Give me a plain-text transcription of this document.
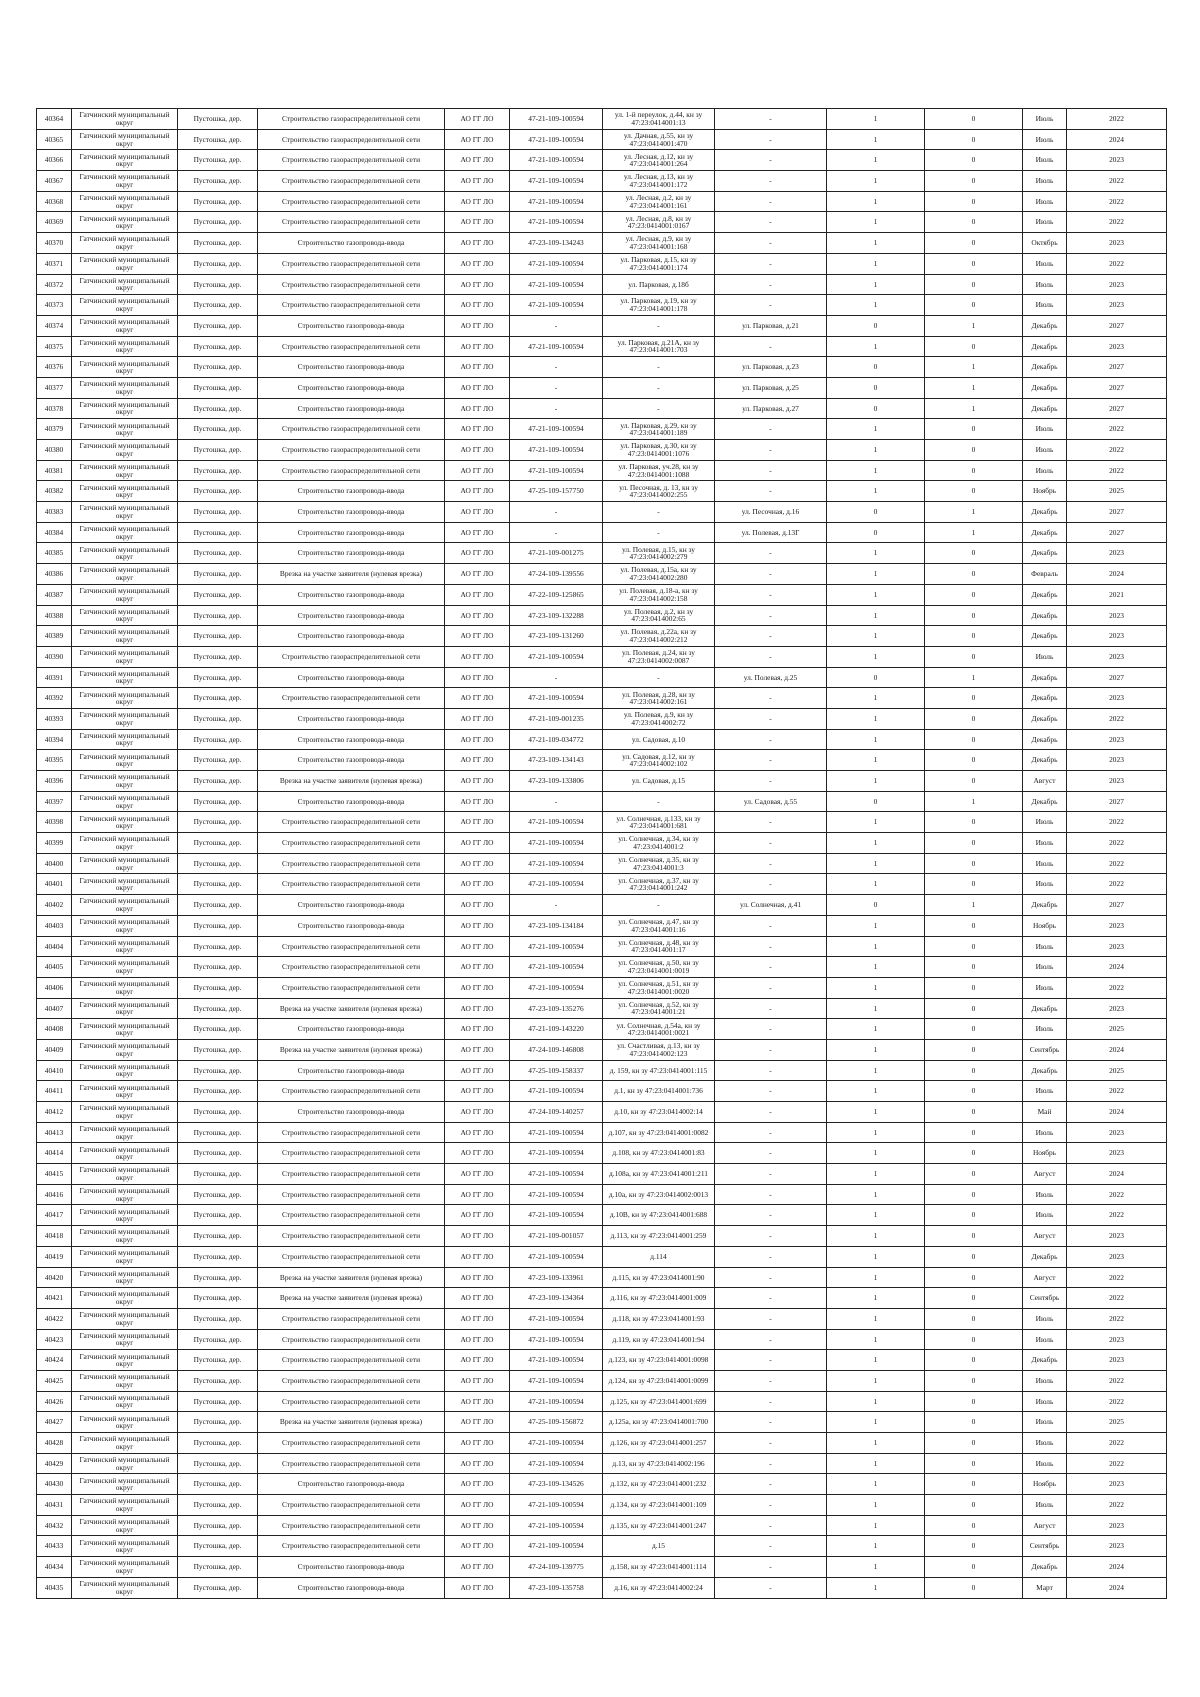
40364	Гатчинский муниципальный округ	Пустошка, дер.	Строительство газораспределительной сети	АО ГГ ЛО	47-21-109-100594	ул. 1-й переулок, д.44, кн зу 47:23:0414001:13	-	1	0	Июль	2022
40365	Гатчинский муниципальный округ	Пустошка, дер.	Строительство газораспределительной сети	АО ГГ ЛО	47-21-109-100594	ул. Дачная, д.55, кн зу 47:23:0414001:470	-	1	0	Июль	2024
40366	Гатчинский муниципальный округ	Пустошка, дер.	Строительство газораспределительной сети	АО ГГ ЛО	47-21-109-100594	ул. Лесная, д.12, кн зу 47:23:0414001:264	-	1	0	Июль	2023
40367	Гатчинский муниципальный округ	Пустошка, дер.	Строительство газораспределительной сети	АО ГГ ЛО	47-21-109-100594	ул. Лесная, д.13, кн зу 47:23:0414001:172	-	1	0	Июль	2022
40368	Гатчинский муниципальный округ	Пустошка, дер.	Строительство газораспределительной сети	АО ГГ ЛО	47-21-109-100594	ул. Лесная, д.2, кн зу 47:23:0414001:161	-	1	0	Июль	2022
40369	Гатчинский муниципальный округ	Пустошка, дер.	Строительство газораспределительной сети	АО ГГ ЛО	47-21-109-100594	ул. Лесная, д.8, кн зу 47:23:0414001:0167	-	1	0	Июль	2022
40370	Гатчинский муниципальный округ	Пустошка, дер.	Строительство газопровода-ввода	АО ГГ ЛО	47-23-109-134243	ул. Лесная, д.9, кн зу 47:23:0414001:168	-	1	0	Октябрь	2023
40371	Гатчинский муниципальный округ	Пустошка, дер.	Строительство газораспределительной сети	АО ГГ ЛО	47-21-109-100594	ул. Парковая, д.15, кн зу 47:23:0414001:174	-	1	0	Июль	2022
40372	Гатчинский муниципальный округ	Пустошка, дер.	Строительство газораспределительной сети	АО ГГ ЛО	47-21-109-100594	ул. Парковая, д.18б	-	1	0	Июль	2023
40373	Гатчинский муниципальный округ	Пустошка, дер.	Строительство газораспределительной сети	АО ГГ ЛО	47-21-109-100594	ул. Парковая, д.19, кн зу 47:23:0414001:178	-	1	0	Июль	2023
40374	Гатчинский муниципальный округ	Пустошка, дер.	Строительство газопровода-ввода	АО ГГ ЛО	-	-	ул. Парковая, д.21	0	1	Декабрь	2027
40375	Гатчинский муниципальный округ	Пустошка, дер.	Строительство газораспределительной сети	АО ГГ ЛО	47-21-109-100594	ул. Парковая, д.21А, кн зу 47:23:0414001:703	-	1	0	Декабрь	2023
40376	Гатчинский муниципальный округ	Пустошка, дер.	Строительство газопровода-ввода	АО ГГ ЛО	-	-	ул. Парковая, д.23	0	1	Декабрь	2027
40377	Гатчинский муниципальный округ	Пустошка, дер.	Строительство газопровода-ввода	АО ГГ ЛО	-	-	ул. Парковая, д.25	0	1	Декабрь	2027
40378	Гатчинский муниципальный округ	Пустошка, дер.	Строительство газопровода-ввода	АО ГГ ЛО	-	-	ул. Парковая, д.27	0	1	Декабрь	2027
40379	Гатчинский муниципальный округ	Пустошка, дер.	Строительство газораспределительной сети	АО ГГ ЛО	47-21-109-100594	ул. Парковая, д.29, кн зу 47:23:0414001:189	-	1	0	Июль	2022
40380	Гатчинский муниципальный округ	Пустошка, дер.	Строительство газораспределительной сети	АО ГГ ЛО	47-21-109-100594	ул. Парковая, д.30, кн зу 47:23:0414001:1076	-	1	0	Июль	2022
40381	Гатчинский муниципальный округ	Пустошка, дер.	Строительство газораспределительной сети	АО ГГ ЛО	47-21-109-100594	ул. Парковая, уч.28, кн зу 47:23:0414001:1088	-	1	0	Июль	2022
40382	Гатчинский муниципальный округ	Пустошка, дер.	Строительство газопровода-ввода	АО ГГ ЛО	47-25-109-157750	ул. Песочная, д. 13, кн зу 47:23:0414002:255	-	1	0	Ноябрь	2025
40383	Гатчинский муниципальный округ	Пустошка, дер.	Строительство газопровода-ввода	АО ГГ ЛО	-	-	ул. Песочная, д.16	0	1	Декабрь	2027
40384	Гатчинский муниципальный округ	Пустошка, дер.	Строительство газопровода-ввода	АО ГГ ЛО	-	-	ул. Полевая, д.13Г	0	1	Декабрь	2027
40385	Гатчинский муниципальный округ	Пустошка, дер.	Строительство газопровода-ввода	АО ГГ ЛО	47-21-109-001275	ул. Полевая, д.15, кн зу 47:23:0414002:279	-	1	0	Декабрь	2023
40386	Гатчинский муниципальный округ	Пустошка, дер.	Врезка на участке заявителя (нулевая врезка)	АО ГГ ЛО	47-24-109-139556	ул. Полевая, д.15а, кн зу 47:23:0414002:280	-	1	0	Февраль	2024
40387	Гатчинский муниципальный округ	Пустошка, дер.	Строительство газопровода-ввода	АО ГГ ЛО	47-22-109-125865	ул. Полевая, д.18-а, кн зу 47:23:0414002:158	-	1	0	Декабрь	2021
40388	Гатчинский муниципальный округ	Пустошка, дер.	Строительство газопровода-ввода	АО ГГ ЛО	47-23-109-132288	ул. Полевая, д.2, кн зу 47:23:0414002:65	-	1	0	Декабрь	2023
40389	Гатчинский муниципальный округ	Пустошка, дер.	Строительство газопровода-ввода	АО ГГ ЛО	47-23-109-131260	ул. Полевая, д.22а, кн зу 47:23:0414002:212	-	1	0	Декабрь	2023
40390	Гатчинский муниципальный округ	Пустошка, дер.	Строительство газораспределительной сети	АО ГГ ЛО	47-21-109-100594	ул. Полевая, д.24, кн зу 47:23:0414002:0087	-	1	0	Июль	2023
40391	Гатчинский муниципальный округ	Пустошка, дер.	Строительство газопровода-ввода	АО ГГ ЛО	-	-	ул. Полевая, д.25	0	1	Декабрь	2027
40392	Гатчинский муниципальный округ	Пустошка, дер.	Строительство газораспределительной сети	АО ГГ ЛО	47-21-109-100594	ул. Полевая, д.28, кн зу 47:23:0414002:161	-	1	0	Декабрь	2023
40393	Гатчинский муниципальный округ	Пустошка, дер.	Строительство газопровода-ввода	АО ГГ ЛО	47-21-109-001235	ул. Полевая, д.9, кн зу 47:23:0414002:72	-	1	0	Декабрь	2022
40394	Гатчинский муниципальный округ	Пустошка, дер.	Строительство газопровода-ввода	АО ГГ ЛО	47-21-109-034772	ул. Садовая, д.10	-	1	0	Декабрь	2023
40395	Гатчинский муниципальный округ	Пустошка, дер.	Строительство газопровода-ввода	АО ГГ ЛО	47-23-109-134143	ул. Садовая, д.12, кн зу 47:23:0414002:102	-	1	0	Декабрь	2023
40396	Гатчинский муниципальный округ	Пустошка, дер.	Врезка на участке заявителя (нулевая врезка)	АО ГГ ЛО	47-23-109-133806	ул. Садовая, д.15	-	1	0	Август	2023
40397	Гатчинский муниципальный округ	Пустошка, дер.	Строительство газопровода-ввода	АО ГГ ЛО	-	-	ул. Садовая, д.55	0	1	Декабрь	2027
40398	Гатчинский муниципальный округ	Пустошка, дер.	Строительство газораспределительной сети	АО ГГ ЛО	47-21-109-100594	ул. Солнечная, д.133, кн зу 47:23:0414001:681	-	1	0	Июль	2022
40399	Гатчинский муниципальный округ	Пустошка, дер.	Строительство газораспределительной сети	АО ГГ ЛО	47-21-109-100594	ул. Солнечная, д.34, кн зу 47:23:0414001:2	-	1	0	Июль	2022
40400	Гатчинский муниципальный округ	Пустошка, дер.	Строительство газораспределительной сети	АО ГГ ЛО	47-21-109-100594	ул. Солнечная, д.35, кн зу 47:23:0414001:3	-	1	0	Июль	2022
40401	Гатчинский муниципальный округ	Пустошка, дер.	Строительство газораспределительной сети	АО ГГ ЛО	47-21-109-100594	ул. Солнечная, д.37, кн зу 47:23:0414001:242	-	1	0	Июль	2022
40402	Гатчинский муниципальный округ	Пустошка, дер.	Строительство газопровода-ввода	АО ГГ ЛО	-	-	ул. Солнечная, д.41	0	1	Декабрь	2027
40403	Гатчинский муниципальный округ	Пустошка, дер.	Строительство газопровода-ввода	АО ГГ ЛО	47-23-109-134184	ул. Солнечная, д.47, кн зу 47:23:0414001:16	-	1	0	Ноябрь	2023
40404	Гатчинский муниципальный округ	Пустошка, дер.	Строительство газораспределительной сети	АО ГГ ЛО	47-21-109-100594	ул. Солнечная, д.48, кн зу 47:23:0414001:17	-	1	0	Июль	2023
40405	Гатчинский муниципальный округ	Пустошка, дер.	Строительство газораспределительной сети	АО ГГ ЛО	47-21-109-100594	ул. Солнечная, д.50, кн зу 47:23:0414001:0019	-	1	0	Июль	2024
40406	Гатчинский муниципальный округ	Пустошка, дер.	Строительство газораспределительной сети	АО ГГ ЛО	47-21-109-100594	ул. Солнечная, д.51, кн зу 47:23:0414001:0020	-	1	0	Июль	2022
40407	Гатчинский муниципальный округ	Пустошка, дер.	Врезка на участке заявителя (нулевая врезка)	АО ГГ ЛО	47-23-109-135276	ул. Солнечная, д.52, кн зу 47:23:0414001:21	-	1	0	Декабрь	2023
40408	Гатчинский муниципальный округ	Пустошка, дер.	Строительство газопровода-ввода	АО ГГ ЛО	47-21-109-143220	ул. Солнечная, д.54а, кн зу 47:23:0414001:0021	-	1	0	Июль	2025
40409	Гатчинский муниципальный округ	Пустошка, дер.	Врезка на участке заявителя (нулевая врезка)	АО ГГ ЛО	47-24-109-146808	ул. Счастливая, д.13, кн зу 47:23:0414002:123	-	1	0	Сентябрь	2024
40410	Гатчинский муниципальный округ	Пустошка, дер.	Строительство газопровода-ввода	АО ГГ ЛО	47-25-109-158337	д. 159, кн зу 47:23:0414001:115	-	1	0	Декабрь	2025
40411	Гатчинский муниципальный округ	Пустошка, дер.	Строительство газораспределительной сети	АО ГГ ЛО	47-21-109-100594	д.1, кн зу 47:23:0414001:736	-	1	0	Июль	2022
40412	Гатчинский муниципальный округ	Пустошка, дер.	Строительство газопровода-ввода	АО ГГ ЛО	47-24-109-140257	д.10, кн зу 47:23:0414002:14	-	1	0	Май	2024
40413	Гатчинский муниципальный округ	Пустошка, дер.	Строительство газораспределительной сети	АО ГГ ЛО	47-21-109-100594	д.107, кн зу 47:23:0414001:0082	-	1	0	Июль	2023
40414	Гатчинский муниципальный округ	Пустошка, дер.	Строительство газораспределительной сети	АО ГГ ЛО	47-21-109-100594	д.108, кн зу 47:23:0414001:83	-	1	0	Ноябрь	2023
40415	Гатчинский муниципальный округ	Пустошка, дер.	Строительство газораспределительной сети	АО ГГ ЛО	47-21-109-100594	д.108а, кн зу 47:23:0414001:211	-	1	0	Август	2024
40416	Гатчинский муниципальный округ	Пустошка, дер.	Строительство газораспределительной сети	АО ГГ ЛО	47-21-109-100594	д.10а, кн зу 47:23:0414002:0013	-	1	0	Июль	2022
40417	Гатчинский муниципальный округ	Пустошка, дер.	Строительство газораспределительной сети	АО ГГ ЛО	47-21-109-100594	д.10В, кн зу 47:23:0414001:688	-	1	0	Июль	2022
40418	Гатчинский муниципальный округ	Пустошка, дер.	Строительство газораспределительной сети	АО ГГ ЛО	47-21-109-001057	д.113, кн зу 47:23:0414001:259	-	1	0	Август	2023
40419	Гатчинский муниципальный округ	Пустошка, дер.	Строительство газораспределительной сети	АО ГГ ЛО	47-21-109-100594	д.114	-	1	0	Декабрь	2023
40420	Гатчинский муниципальный округ	Пустошка, дер.	Врезка на участке заявителя (нулевая врезка)	АО ГГ ЛО	47-23-109-133961	д.115, кн зу 47:23:0414001:90	-	1	0	Август	2022
40421	Гатчинский муниципальный округ	Пустошка, дер.	Врезка на участке заявителя (нулевая врезка)	АО ГГ ЛО	47-23-109-134364	д.116, кн зу 47:23:0414001:009	-	1	0	Сентябрь	2022
40422	Гатчинский муниципальный округ	Пустошка, дер.	Строительство газораспределительной сети	АО ГГ ЛО	47-21-109-100594	д.118, кн зу 47:23:0414001:93	-	1	0	Июль	2022
40423	Гатчинский муниципальный округ	Пустошка, дер.	Строительство газораспределительной сети	АО ГГ ЛО	47-21-109-100594	д.119, кн зу 47:23:0414001:94	-	1	0	Июль	2023
40424	Гатчинский муниципальный округ	Пустошка, дер.	Строительство газораспределительной сети	АО ГГ ЛО	47-21-109-100594	д.123, кн зу 47:23:0414001:0098	-	1	0	Декабрь	2023
40425	Гатчинский муниципальный округ	Пустошка, дер.	Строительство газораспределительной сети	АО ГГ ЛО	47-21-109-100594	д.124, кн зу 47:23:0414001:0099	-	1	0	Июль	2022
40426	Гатчинский муниципальный округ	Пустошка, дер.	Строительство газораспределительной сети	АО ГГ ЛО	47-21-109-100594	д.125, кн зу 47:23:0414001:699	-	1	0	Июль	2022
40427	Гатчинский муниципальный округ	Пустошка, дер.	Врезка на участке заявителя (нулевая врезка)	АО ГГ ЛО	47-25-109-156872	д.125а, кн зу 47:23:0414001:700	-	1	0	Июль	2025
40428	Гатчинский муниципальный округ	Пустошка, дер.	Строительство газораспределительной сети	АО ГГ ЛО	47-21-109-100594	д.126, кн зу 47:23:0414001:257	-	1	0	Июль	2022
40429	Гатчинский муниципальный округ	Пустошка, дер.	Строительство газораспределительной сети	АО ГГ ЛО	47-21-109-100594	д.13, кн зу 47:23:0414002:196	-	1	0	Июль	2022
40430	Гатчинский муниципальный округ	Пустошка, дер.	Строительство газопровода-ввода	АО ГГ ЛО	47-23-109-134526	д.132, кн зу 47:23:0414001:232	-	1	0	Ноябрь	2023
40431	Гатчинский муниципальный округ	Пустошка, дер.	Строительство газораспределительной сети	АО ГГ ЛО	47-21-109-100594	д.134, кн зу 47:23:0414001:109	-	1	0	Июль	2022
40432	Гатчинский муниципальный округ	Пустошка, дер.	Строительство газораспределительной сети	АО ГГ ЛО	47-21-109-100594	д.135, кн зу 47:23:0414001:247	-	1	0	Август	2023
40433	Гатчинский муниципальный округ	Пустошка, дер.	Строительство газораспределительной сети	АО ГГ ЛО	47-21-109-100594	д.15	-	1	0	Сентябрь	2023
40434	Гатчинский муниципальный округ	Пустошка, дер.	Строительство газопровода-ввода	АО ГГ ЛО	47-24-109-139775	д.158, кн зу 47:23:0414001:114	-	1	0	Декабрь	2024
40435	Гатчинский муниципальный округ	Пустошка, дер.	Строительство газопровода-ввода	АО ГГ ЛО	47-23-109-135758	д.16, кн зу 47:23:0414002:24	-	1	0	Март	2024
